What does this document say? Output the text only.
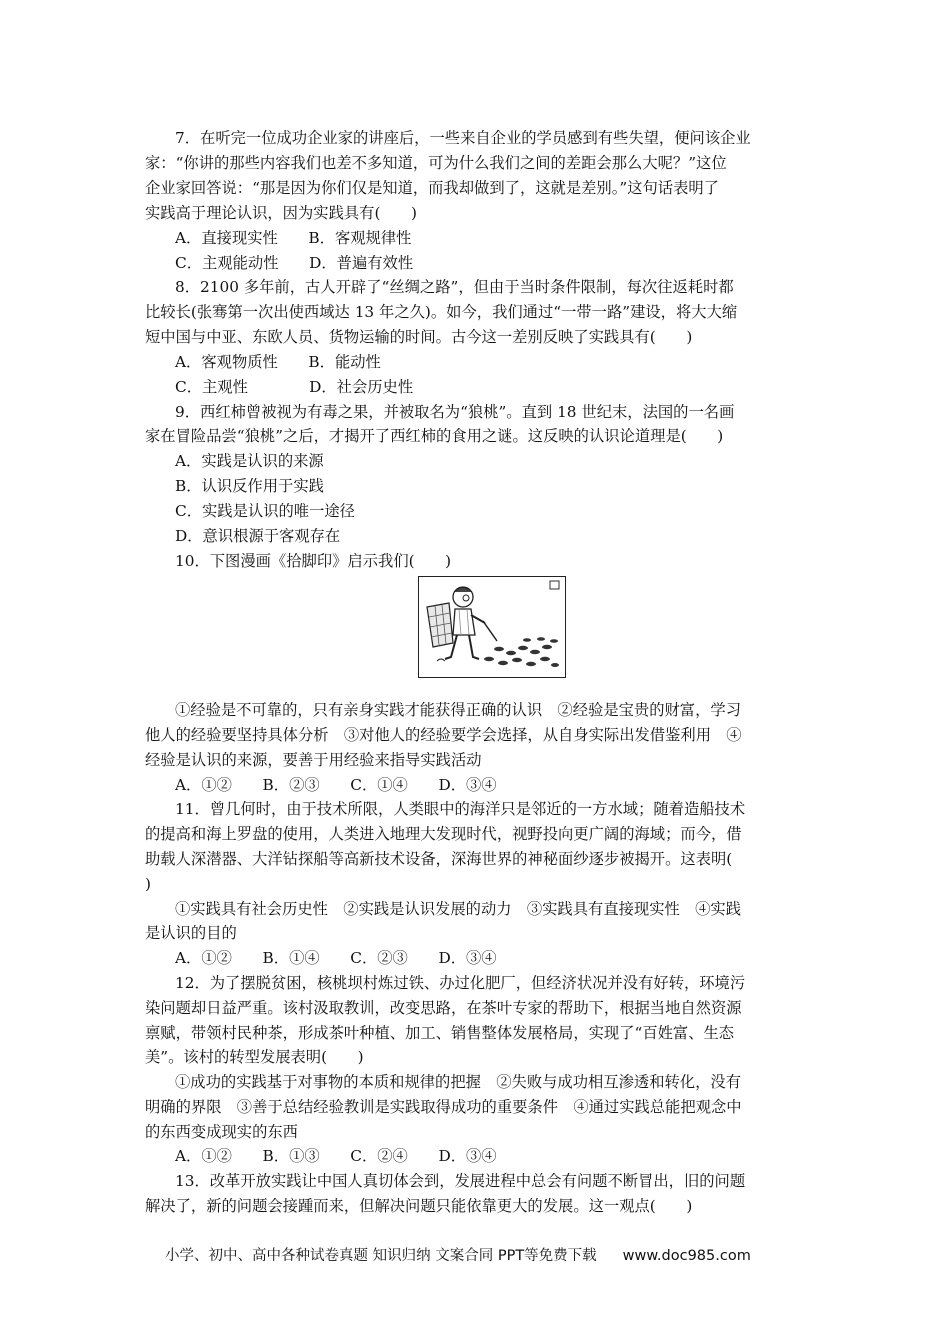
7．在听完一位成功企业家的讲座后，一些来自企业的学员感到有些失望，便问该企业
家：“你讲的那些内容我们也差不多知道，可为什么我们之间的差距会那么大呢？”这位
企业家回答说：“那是因为你们仅是知道，而我却做到了，这就是差别。”这句话表明了
实践高于理论认识，因为实践具有(　　)
A．直接现实性　　B．客观规律性
C．主观能动性　　D．普遍有效性
8．2100 多年前，古人开辟了“丝绸之路”，但由于当时条件限制，每次往返耗时都
比较长(张骞第一次出使西域达 13 年之久)。如今，我们通过“一带一路”建设，将大大缩
短中国与中亚、东欧人员、货物运输的时间。古今这一差别反映了实践具有(　　)
A．客观物质性　　B．能动性
C．主观性　　　　D．社会历史性
9．西红柿曾被视为有毒之果，并被取名为“狼桃”。直到 18 世纪末，法国的一名画
家在冒险品尝“狼桃”之后，才揭开了西红柿的食用之谜。这反映的认识论道理是(　　)
A．实践是认识的来源
B．认识反作用于实践
C．实践是认识的唯一途径
D．意识根源于客观存在
10．下图漫画《拾脚印》启示我们(　　)
①经验是不可靠的，只有亲身实践才能获得正确的认识　②经验是宝贵的财富，学习
他人的经验要坚持具体分析　③对他人的经验要学会选择，从自身实际出发借鉴利用　④
经验是认识的来源，要善于用经验来指导实践活动
A．①②　　B．②③　　C．①④　　D．③④
11．曾几何时，由于技术所限，人类眼中的海洋只是邻近的一方水域；随着造船技术
的提高和海上罗盘的使用，人类进入地理大发现时代，视野投向更广阔的海域；而今，借
助载人深潜器、大洋钻探船等高新技术设备，深海世界的神秘面纱逐步被揭开。这表明(
)
①实践具有社会历史性　②实践是认识发展的动力　③实践具有直接现实性　④实践
是认识的目的
A．①②　　B．①④　　C．②③　　D．③④
12．为了摆脱贫困，核桃坝村炼过铁、办过化肥厂，但经济状况并没有好转，环境污
染问题却日益严重。该村汲取教训，改变思路，在茶叶专家的帮助下，根据当地自然资源
禀赋，带领村民种茶，形成茶叶种植、加工、销售整体发展格局，实现了“百姓富、生态
美”。该村的转型发展表明(　　)
①成功的实践基于对事物的本质和规律的把握　②失败与成功相互渗透和转化，没有
明确的界限　③善于总结经验教训是实践取得成功的重要条件　④通过实践总能把观念中
的东西变成现实的东西
A．①②　　B．①③　　C．②④　　D．③④
13．改革开放实践让中国人真切体会到，发展进程中总会有问题不断冒出，旧的问题
解决了，新的问题会接踵而来，但解决问题只能依靠更大的发展。这一观点(　　)
小学、初中、高中各种试卷真题 知识归纳 文案合同 PPT等免费下载 www.doc985.com
